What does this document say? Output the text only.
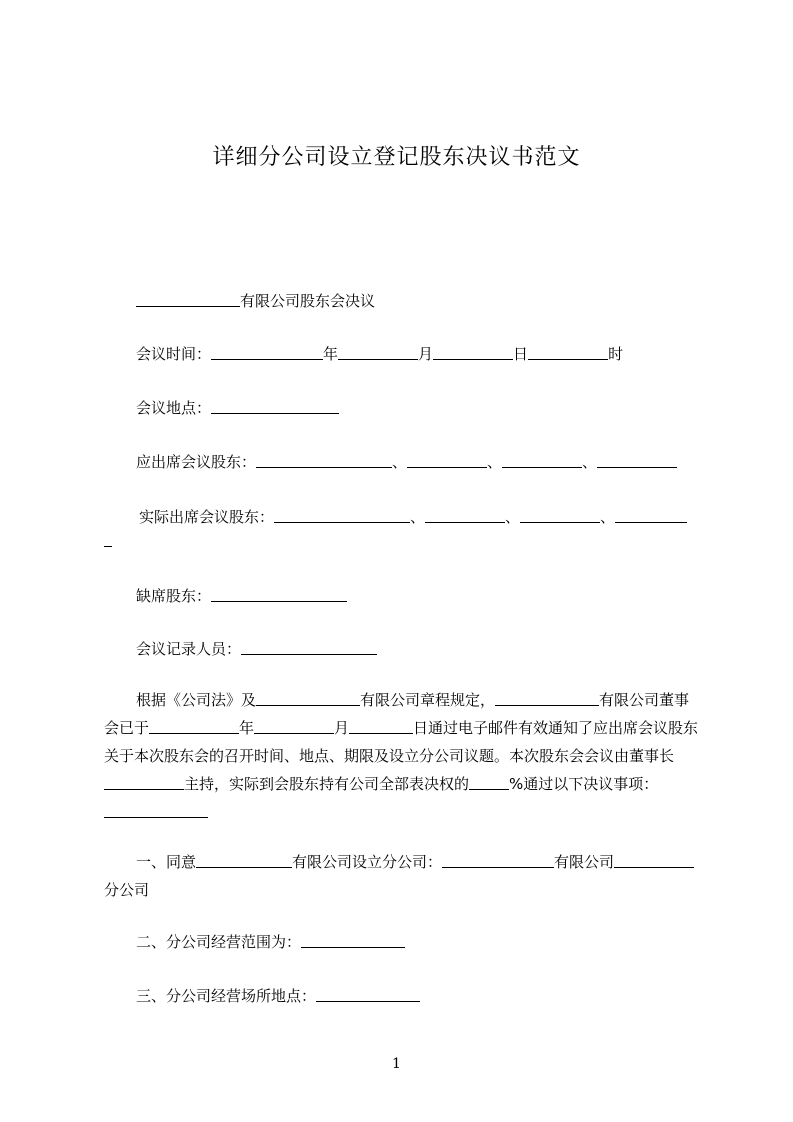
详细分公司设立登记股东决议书范文
有限公司股东会决议
会议时间：	年	月	日	时
会议地点：
应出席会议股东：	、	、	、
实际出席会议股东：	、	、	、
缺席股东：
会议记录人员：
根据《公司法》及	有限公司章程规定，	有限公司董事会已于	年	月	日通过电子邮件有效通知了应出席会议股东关于本次股东会的召开时间、地点、期限及设立分公司议题。本次股东会会议由董事长主持，实际到会股东持有公司全部表决权的	%通过以下决议事项：
一、同意	有限公司设立分公司：	有限公司分公司
二、分公司经营范围为：
三、分公司经营场所地点：
1
